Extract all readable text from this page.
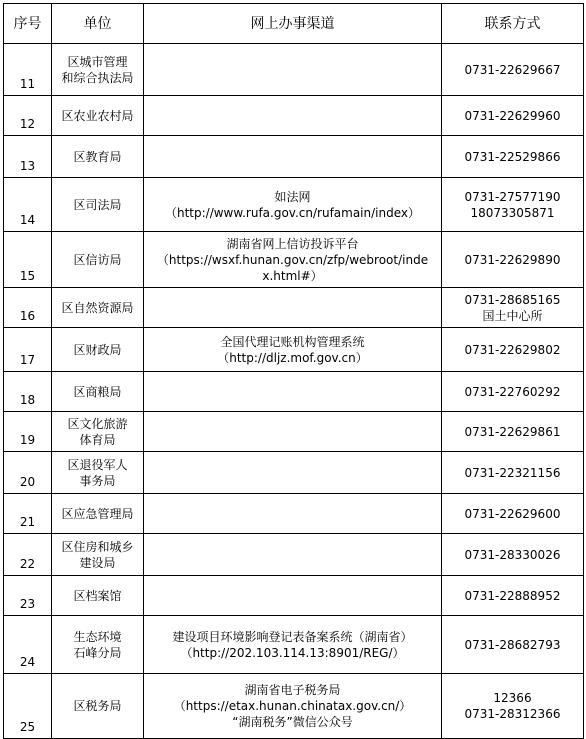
序号	单位	网上办事渠道	联系方式
11	区城市管理
和综合执法局		0731-22629667

12	区农业农村局		0731-22629960

13	区教育局		0731-22529866

14	区司法局	如法网
（http://www.rufa.gov.cn/rufamain/index）	0731-27577190
18073305871

15	区信访局	湖南省网上信访投诉平台
（https://wsxf.hunan.gov.cn/zfp/webroot/inde
x.html#）	0731-22629890

16	区自然资源局		0731-28685165
国土中心所

17	区财政局	全国代理记账机构管理系统
（http://dljz.mof.gov.cn）	0731-22629802

18	区商粮局		0731-22760292

19	区文化旅游
体育局		0731-22629861

20	区退役军人
事务局		0731-22321156

21	区应急管理局		0731-22629600

22	区住房和城乡
建设局		0731-28330026

23	区档案馆		0731-22888952

24	生态环境
石峰分局	建设项目环境影响登记表备案系统（湖南省）
（http://202.103.114.13:8901/REG/）	0731-28682793

25	区税务局	湖南省电子税务局
（https://etax.hunan.chinatax.gov.cn/）
“湖南税务”微信公众号	12366
0731-28312366
